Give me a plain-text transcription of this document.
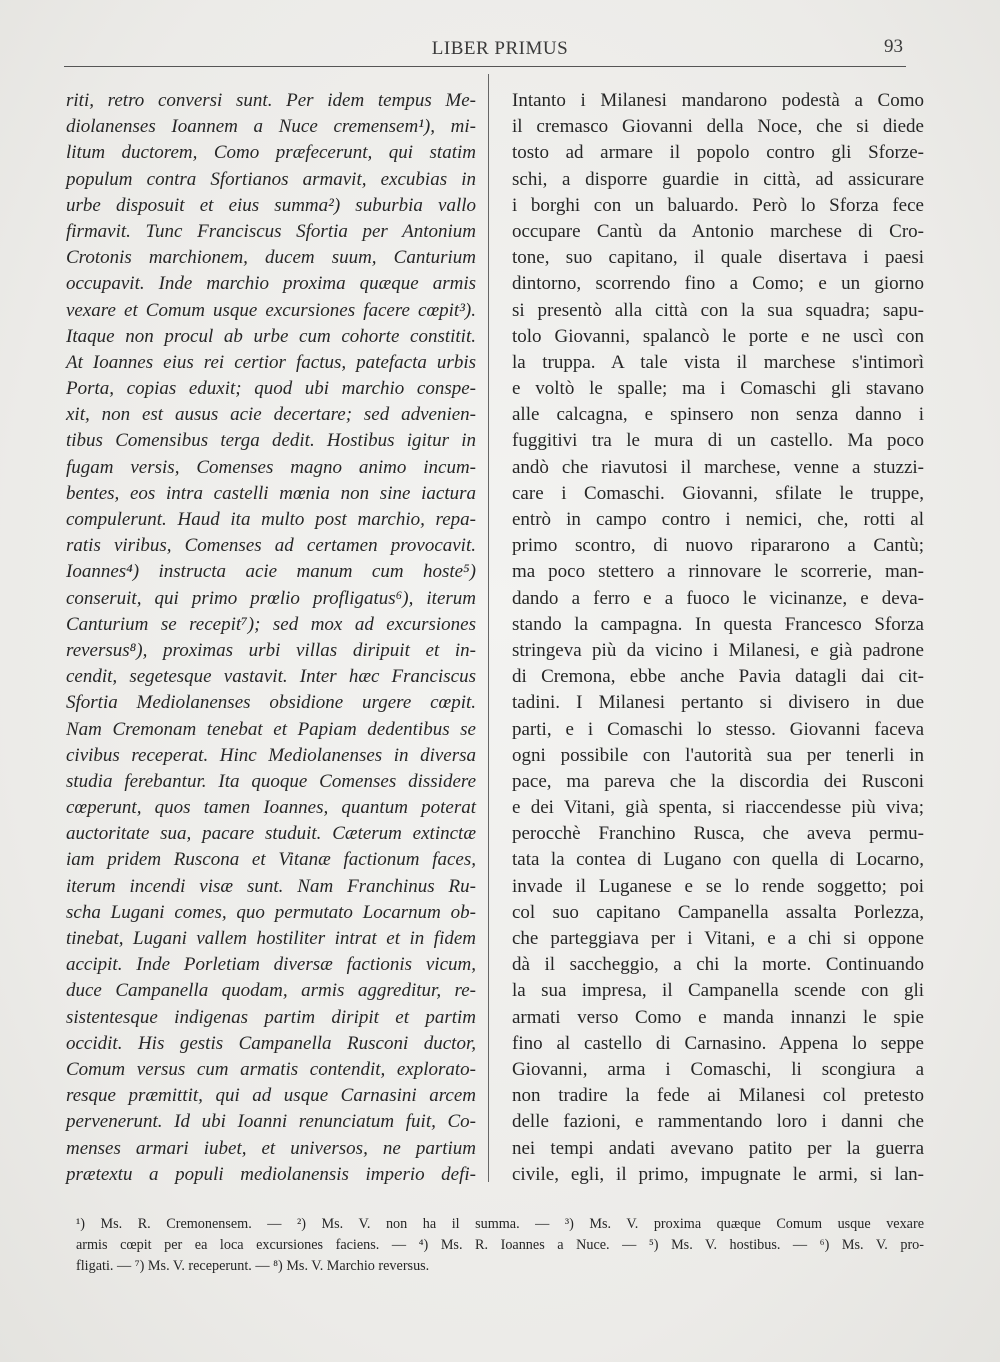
LIBER PRIMUS	93
riti, retro conversi sunt. Per idem tempus Me-
diolanenses Ioannem a Nuce cremensem¹), mi-
litum ductorem, Como præfecerunt, qui statim
populum contra Sfortianos armavit, excubias in
urbe disposuit et eius summa²) suburbia vallo
firmavit. Tunc Franciscus Sfortia per Antonium
Crotonis marchionem, ducem suum, Canturium
occupavit. Inde marchio proxima quæque armis
vexare et Comum usque excursiones facere cœpit³).
Itaque non procul ab urbe cum cohorte constitit.
At Ioannes eius rei certior factus, patefacta urbis
Porta, copias eduxit; quod ubi marchio conspe-
xit, non est ausus acie decertare; sed advenien-
tibus Comensibus terga dedit. Hostibus igitur in
fugam versis, Comenses magno animo incum-
bentes, eos intra castelli mœnia non sine iactura
compulerunt. Haud ita multo post marchio, repa-
ratis viribus, Comenses ad certamen provocavit.
Ioannes⁴) instructa acie manum cum hoste⁵)
conseruit, qui primo prœlio profligatus⁶), iterum
Canturium se recepit⁷); sed mox ad excursiones
reversus⁸), proximas urbi villas diripuit et in-
cendit, segetesque vastavit. Inter hæc Franciscus
Sfortia Mediolanenses obsidione urgere cœpit.
Nam Cremonam tenebat et Papiam dedentibus se
civibus receperat. Hinc Mediolanenses in diversa
studia ferebantur. Ita quoque Comenses dissidere
cœperunt, quos tamen Ioannes, quantum poterat
auctoritate sua, pacare studuit. Cæterum extinctæ
iam pridem Ruscona et Vitanæ factionum faces,
iterum incendi visæ sunt. Nam Franchinus Ru-
scha Lugani comes, quo permutato Locarnum ob-
tinebat, Lugani vallem hostiliter intrat et in fidem
accipit. Inde Porletiam diversæ factionis vicum,
duce Campanella quodam, armis aggreditur, re-
sistentesque indigenas partim diripit et partim
occidit. His gestis Campanella Rusconi ductor,
Comum versus cum armatis contendit, explorato-
resque præmittit, qui ad usque Carnasini arcem
pervenerunt. Id ubi Ioanni renunciatum fuit, Co-
menses armari iubet, et universos, ne partium
prætextu a populi mediolanensis imperio defi-
Intanto i Milanesi mandarono podestà a Como
il cremasco Giovanni della Noce, che si diede
tosto ad armare il popolo contro gli Sforze-
schi, a disporre guardie in città, ad assicurare
i borghi con un baluardo. Però lo Sforza fece
occupare Cantù da Antonio marchese di Cro-
tone, suo capitano, il quale disertava i paesi
dintorno, scorrendo fino a Como; e un giorno
si presentò alla città con la sua squadra; sapu-
tolo Giovanni, spalancò le porte e ne uscì con
la truppa. A tale vista il marchese s'intimorì
e voltò le spalle; ma i Comaschi gli stavano
alle calcagna, e spinsero non senza danno i
fuggitivi tra le mura di un castello. Ma poco
andò che riavutosi il marchese, venne a stuzzi-
care i Comaschi. Giovanni, sfilate le truppe,
entrò in campo contro i nemici, che, rotti al
primo scontro, di nuovo ripararono a Cantù;
ma poco stettero a rinnovare le scorrerie, man-
dando a ferro e a fuoco le vicinanze, e deva-
stando la campagna. In questa Francesco Sforza
stringeva più da vicino i Milanesi, e già padrone
di Cremona, ebbe anche Pavia datagli dai cit-
tadini. I Milanesi pertanto si divisero in due
parti, e i Comaschi lo stesso. Giovanni faceva
ogni possibile con l'autorità sua per tenerli in
pace, ma pareva che la discordia dei Rusconi
e dei Vitani, già spenta, si riaccendesse più viva;
perocchè Franchino Rusca, che aveva permu-
tata la contea di Lugano con quella di Locarno,
invade il Luganese e se lo rende soggetto; poi
col suo capitano Campanella assalta Porlezza,
che parteggiava per i Vitani, e a chi si oppone
dà il saccheggio, a chi la morte. Continuando
la sua impresa, il Campanella scende con gli
armati verso Como e manda innanzi le spie
fino al castello di Carnasino. Appena lo seppe
Giovanni, arma i Comaschi, li scongiura a
non tradire la fede ai Milanesi col pretesto
delle fazioni, e rammentando loro i danni che
nei tempi andati avevano patito per la guerra
civile, egli, il primo, impugnate le armi, si lan-
¹) Ms. R. Cremonensem. — ²) Ms. V. non ha il summa. — ³) Ms. V. proxima quæque Comum usque vexare
armis cœpit per ea loca excursiones faciens. — ⁴) Ms. R. Ioannes a Nuce. — ⁵) Ms. V. hostibus. — ⁶) Ms. V. pro-
fligati. — ⁷) Ms. V. receperunt. — ⁸) Ms. V. Marchio reversus.
